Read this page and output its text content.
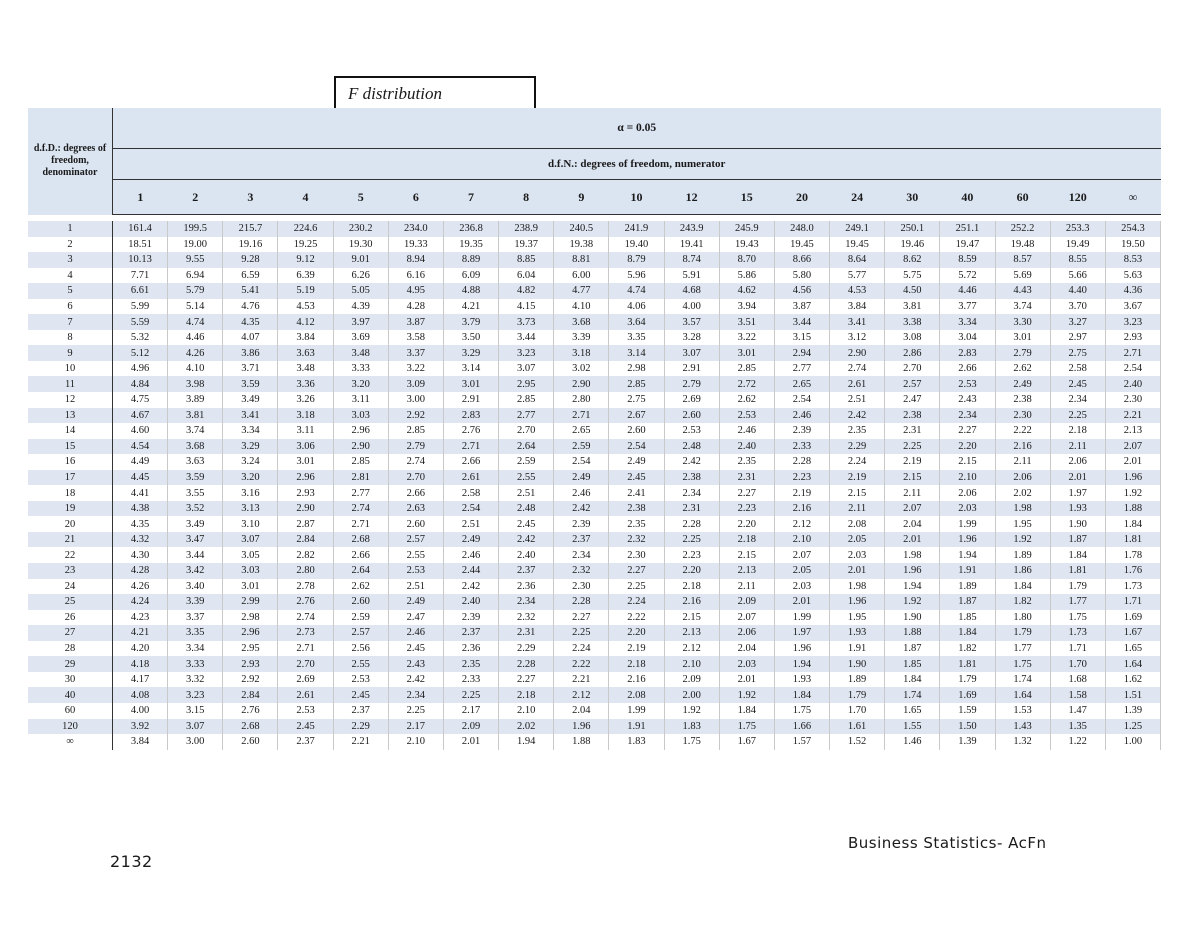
F distribution
d.f.D.: degrees of freedom, denominator	α = 0.05																		
	d.f.N.: degrees of freedom, numerator																		
	1	2	3	4	5	6	7	8	9	10	12	15	20	24	30	40	60	120	∞

1	161.4	199.5	215.7	224.6	230.2	234.0	236.8	238.9	240.5	241.9	243.9	245.9	248.0	249.1	250.1	251.1	252.2	253.3	254.3
2	18.51	19.00	19.16	19.25	19.30	19.33	19.35	19.37	19.38	19.40	19.41	19.43	19.45	19.45	19.46	19.47	19.48	19.49	19.50
3	10.13	9.55	9.28	9.12	9.01	8.94	8.89	8.85	8.81	8.79	8.74	8.70	8.66	8.64	8.62	8.59	8.57	8.55	8.53
4	7.71	6.94	6.59	6.39	6.26	6.16	6.09	6.04	6.00	5.96	5.91	5.86	5.80	5.77	5.75	5.72	5.69	5.66	5.63
5	6.61	5.79	5.41	5.19	5.05	4.95	4.88	4.82	4.77	4.74	4.68	4.62	4.56	4.53	4.50	4.46	4.43	4.40	4.36
6	5.99	5.14	4.76	4.53	4.39	4.28	4.21	4.15	4.10	4.06	4.00	3.94	3.87	3.84	3.81	3.77	3.74	3.70	3.67
7	5.59	4.74	4.35	4.12	3.97	3.87	3.79	3.73	3.68	3.64	3.57	3.51	3.44	3.41	3.38	3.34	3.30	3.27	3.23
8	5.32	4.46	4.07	3.84	3.69	3.58	3.50	3.44	3.39	3.35	3.28	3.22	3.15	3.12	3.08	3.04	3.01	2.97	2.93
9	5.12	4.26	3.86	3.63	3.48	3.37	3.29	3.23	3.18	3.14	3.07	3.01	2.94	2.90	2.86	2.83	2.79	2.75	2.71
10	4.96	4.10	3.71	3.48	3.33	3.22	3.14	3.07	3.02	2.98	2.91	2.85	2.77	2.74	2.70	2.66	2.62	2.58	2.54
11	4.84	3.98	3.59	3.36	3.20	3.09	3.01	2.95	2.90	2.85	2.79	2.72	2.65	2.61	2.57	2.53	2.49	2.45	2.40
12	4.75	3.89	3.49	3.26	3.11	3.00	2.91	2.85	2.80	2.75	2.69	2.62	2.54	2.51	2.47	2.43	2.38	2.34	2.30
13	4.67	3.81	3.41	3.18	3.03	2.92	2.83	2.77	2.71	2.67	2.60	2.53	2.46	2.42	2.38	2.34	2.30	2.25	2.21
14	4.60	3.74	3.34	3.11	2.96	2.85	2.76	2.70	2.65	2.60	2.53	2.46	2.39	2.35	2.31	2.27	2.22	2.18	2.13
15	4.54	3.68	3.29	3.06	2.90	2.79	2.71	2.64	2.59	2.54	2.48	2.40	2.33	2.29	2.25	2.20	2.16	2.11	2.07
16	4.49	3.63	3.24	3.01	2.85	2.74	2.66	2.59	2.54	2.49	2.42	2.35	2.28	2.24	2.19	2.15	2.11	2.06	2.01
17	4.45	3.59	3.20	2.96	2.81	2.70	2.61	2.55	2.49	2.45	2.38	2.31	2.23	2.19	2.15	2.10	2.06	2.01	1.96
18	4.41	3.55	3.16	2.93	2.77	2.66	2.58	2.51	2.46	2.41	2.34	2.27	2.19	2.15	2.11	2.06	2.02	1.97	1.92
19	4.38	3.52	3.13	2.90	2.74	2.63	2.54	2.48	2.42	2.38	2.31	2.23	2.16	2.11	2.07	2.03	1.98	1.93	1.88
20	4.35	3.49	3.10	2.87	2.71	2.60	2.51	2.45	2.39	2.35	2.28	2.20	2.12	2.08	2.04	1.99	1.95	1.90	1.84
21	4.32	3.47	3.07	2.84	2.68	2.57	2.49	2.42	2.37	2.32	2.25	2.18	2.10	2.05	2.01	1.96	1.92	1.87	1.81
22	4.30	3.44	3.05	2.82	2.66	2.55	2.46	2.40	2.34	2.30	2.23	2.15	2.07	2.03	1.98	1.94	1.89	1.84	1.78
23	4.28	3.42	3.03	2.80	2.64	2.53	2.44	2.37	2.32	2.27	2.20	2.13	2.05	2.01	1.96	1.91	1.86	1.81	1.76
24	4.26	3.40	3.01	2.78	2.62	2.51	2.42	2.36	2.30	2.25	2.18	2.11	2.03	1.98	1.94	1.89	1.84	1.79	1.73
25	4.24	3.39	2.99	2.76	2.60	2.49	2.40	2.34	2.28	2.24	2.16	2.09	2.01	1.96	1.92	1.87	1.82	1.77	1.71
26	4.23	3.37	2.98	2.74	2.59	2.47	2.39	2.32	2.27	2.22	2.15	2.07	1.99	1.95	1.90	1.85	1.80	1.75	1.69
27	4.21	3.35	2.96	2.73	2.57	2.46	2.37	2.31	2.25	2.20	2.13	2.06	1.97	1.93	1.88	1.84	1.79	1.73	1.67
28	4.20	3.34	2.95	2.71	2.56	2.45	2.36	2.29	2.24	2.19	2.12	2.04	1.96	1.91	1.87	1.82	1.77	1.71	1.65
29	4.18	3.33	2.93	2.70	2.55	2.43	2.35	2.28	2.22	2.18	2.10	2.03	1.94	1.90	1.85	1.81	1.75	1.70	1.64
30	4.17	3.32	2.92	2.69	2.53	2.42	2.33	2.27	2.21	2.16	2.09	2.01	1.93	1.89	1.84	1.79	1.74	1.68	1.62
40	4.08	3.23	2.84	2.61	2.45	2.34	2.25	2.18	2.12	2.08	2.00	1.92	1.84	1.79	1.74	1.69	1.64	1.58	1.51
60	4.00	3.15	2.76	2.53	2.37	2.25	2.17	2.10	2.04	1.99	1.92	1.84	1.75	1.70	1.65	1.59	1.53	1.47	1.39
120	3.92	3.07	2.68	2.45	2.29	2.17	2.09	2.02	1.96	1.91	1.83	1.75	1.66	1.61	1.55	1.50	1.43	1.35	1.25
∞	3.84	3.00	2.60	2.37	2.21	2.10	2.01	1.94	1.88	1.83	1.75	1.67	1.57	1.52	1.46	1.39	1.32	1.22	1.00
Business Statistics- AcFn
2132
